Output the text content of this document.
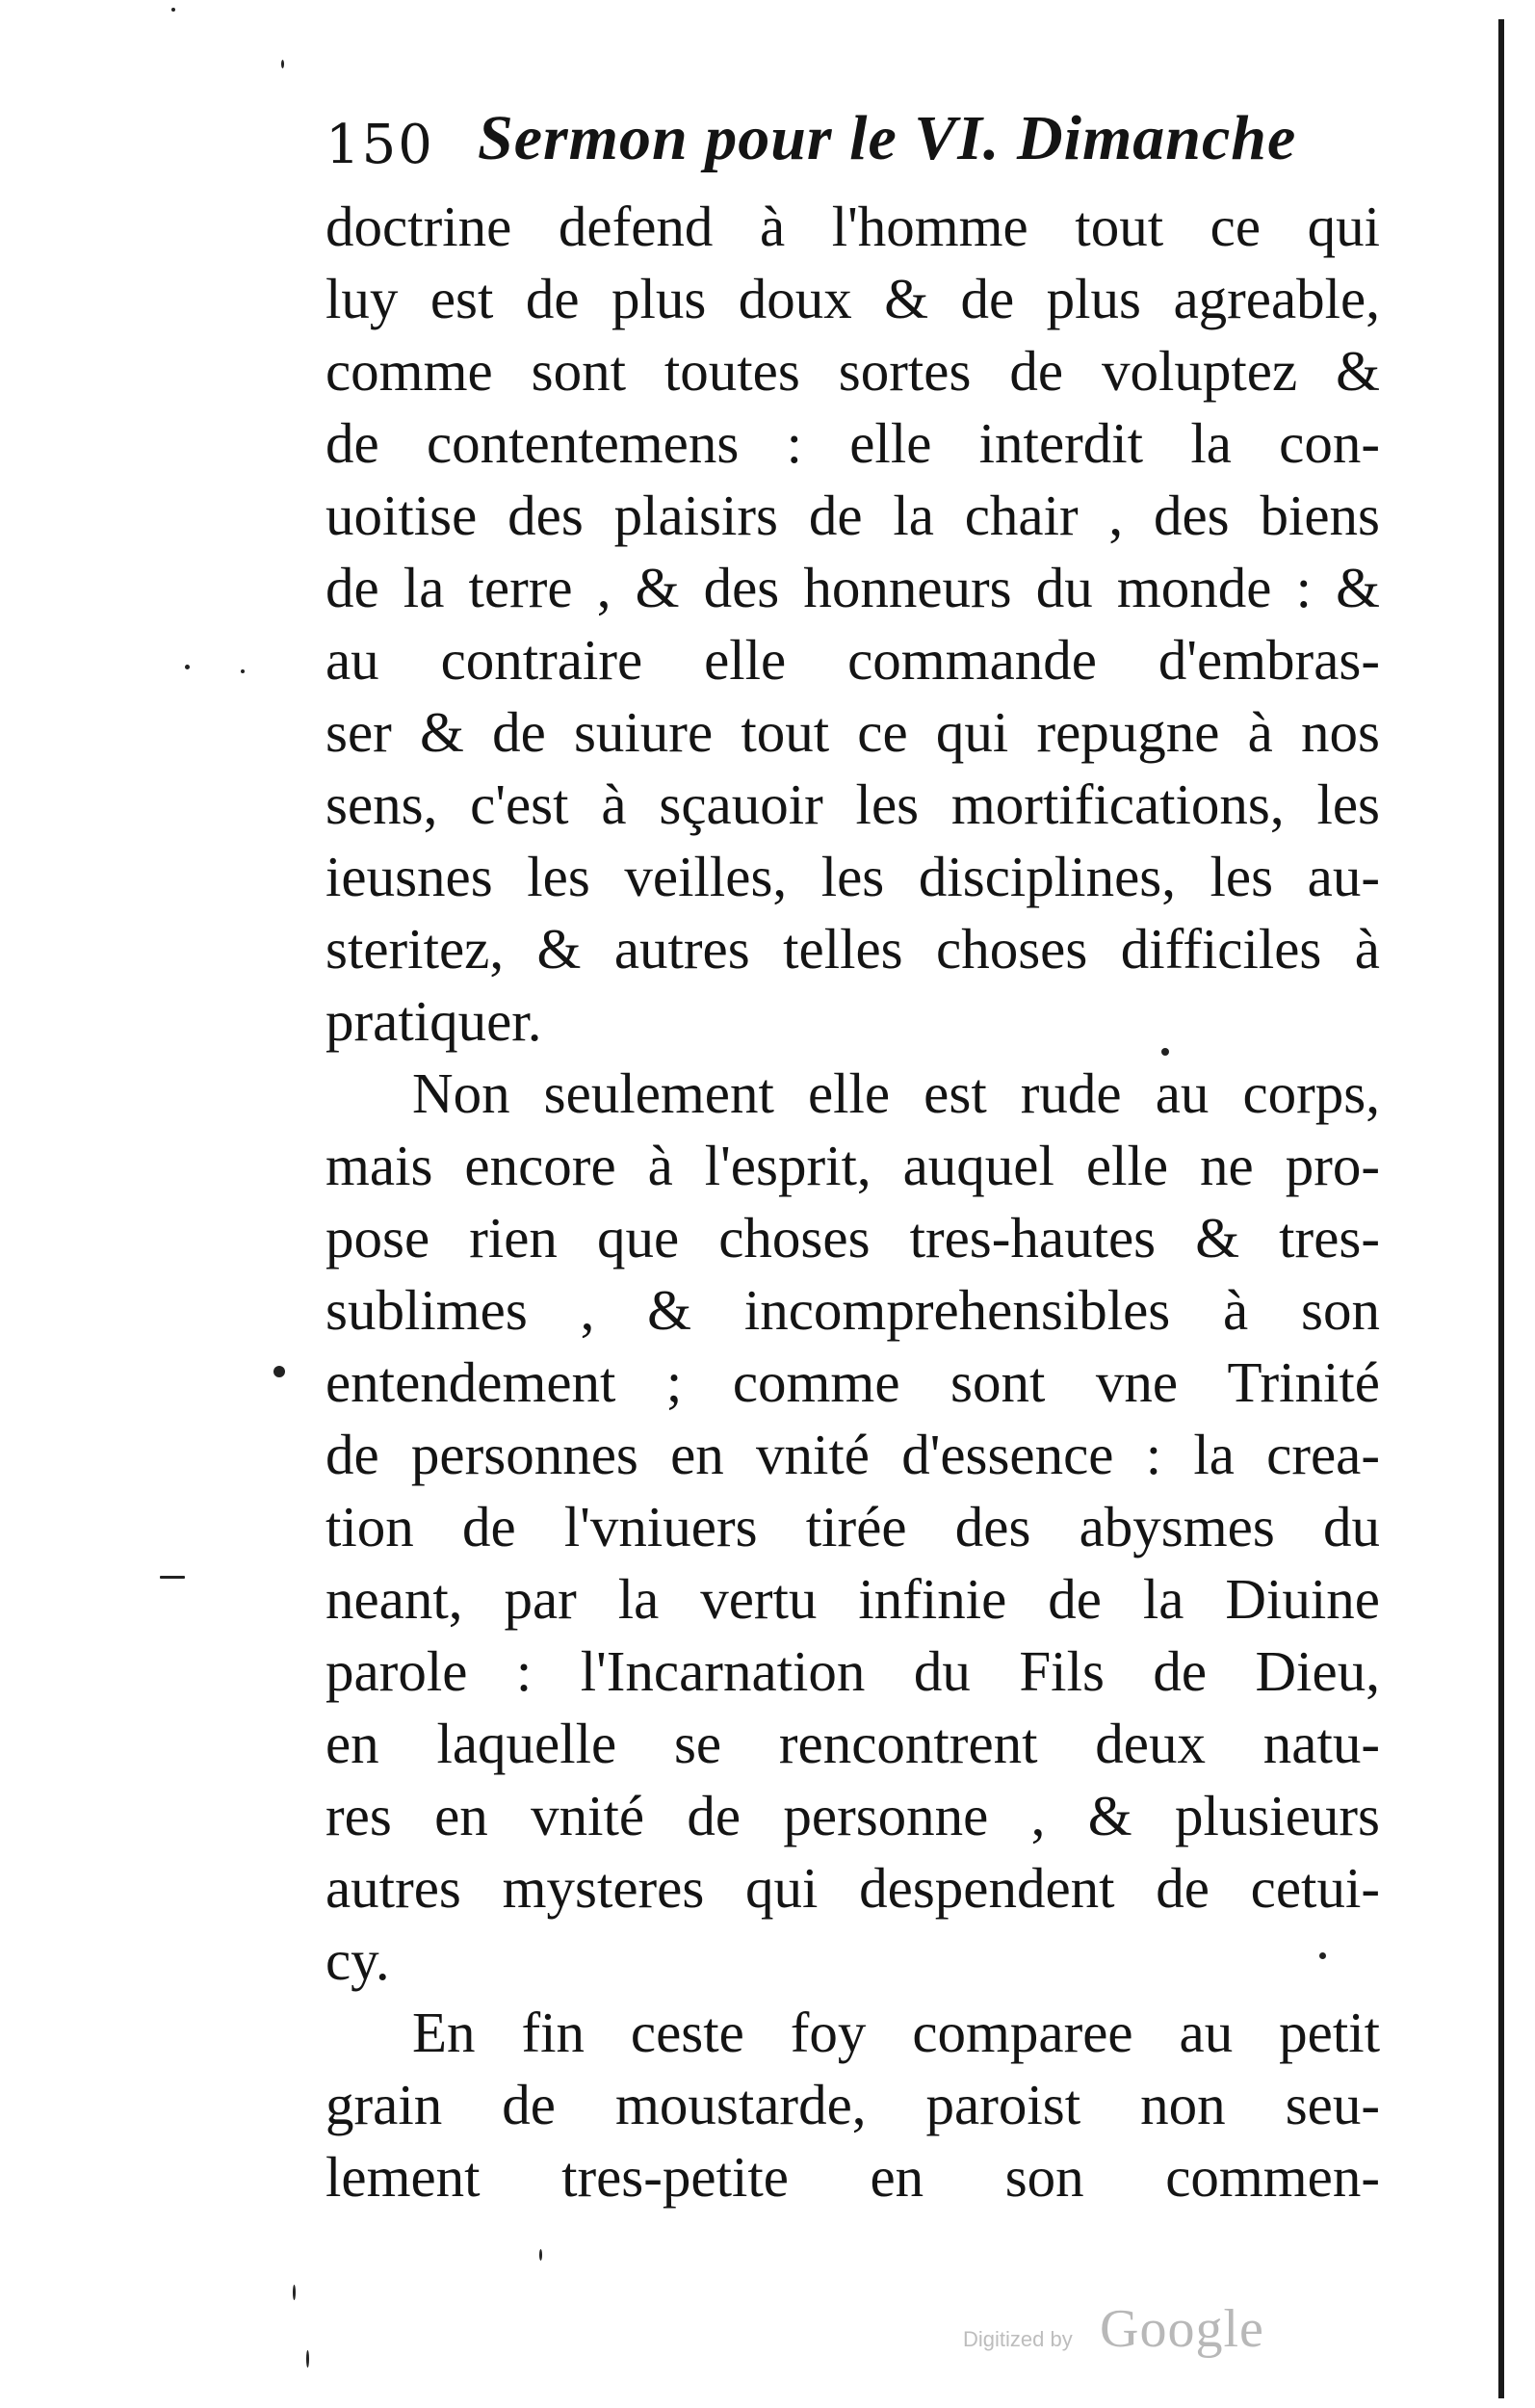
150 Sermon pour le VI. Dimanche
doctrine defend à l'homme tout ce qui
luy est de plus doux & de plus agreable,
comme sont toutes sortes de voluptez &
de contentemens : elle interdit la con-
uoitise des plaisirs de la chair , des biens
de la terre , & des honneurs du monde : &
au contraire elle commande d'embras-
ser & de suiure tout ce qui repugne à nos
sens, c'est à sçauoir les mortifications, les
ieusnes les veilles, les disciplines, les au-
steritez, & autres telles choses difficiles à
pratiquer.
Non seulement elle est rude au corps,
mais encore à l'esprit, auquel elle ne pro-
pose rien que choses tres-hautes & tres-
sublimes , & incomprehensibles à son
entendement ; comme sont vne Trinité
de personnes en vnité d'essence : la crea-
tion de l'vniuers tirée des abysmes du
neant, par la vertu infinie de la Diuine
parole : l'Incarnation du Fils de Dieu,
en laquelle se rencontrent deux natu-
res en vnité de personne , & plusieurs
autres mysteres qui despendent de cetui-
cy.
En fin ceste foy comparee au petit
grain de moustarde, paroist non seu-
lement tres-petite en son commen-
Digitized by Google
